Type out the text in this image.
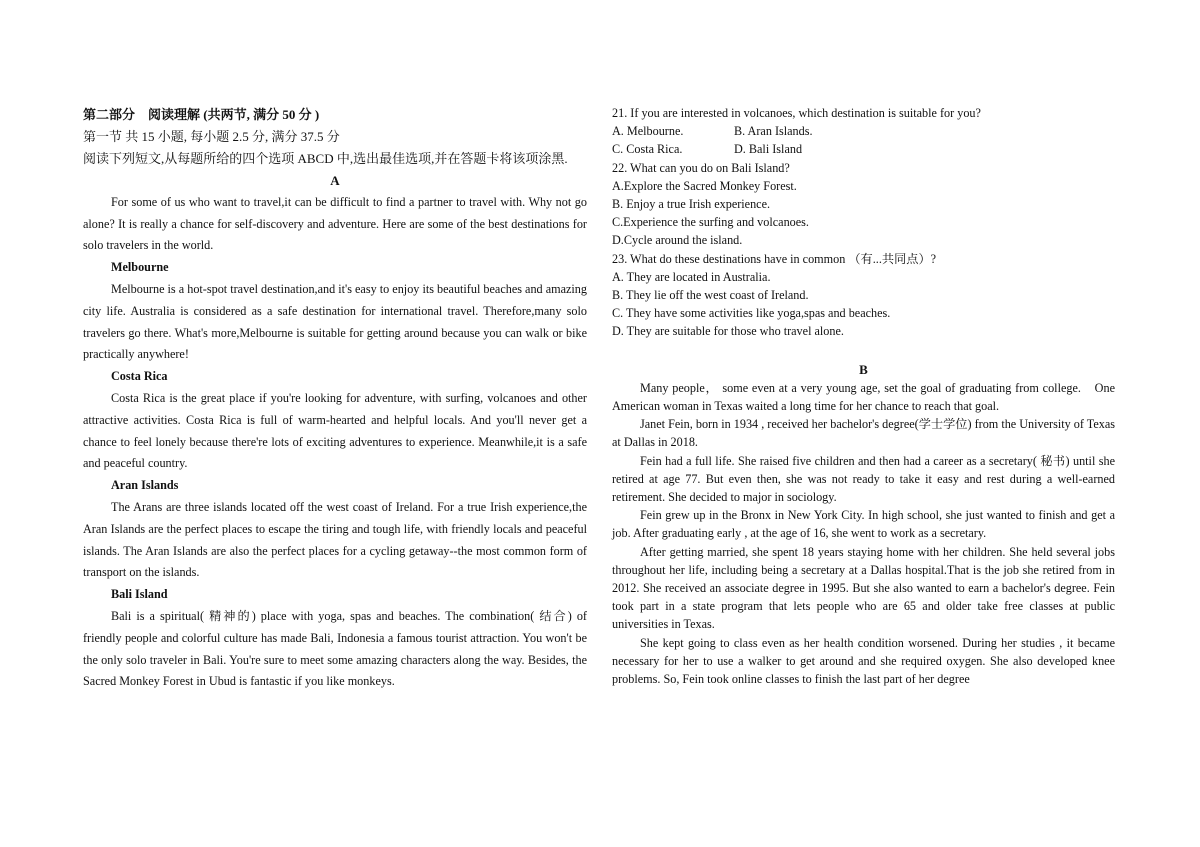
第二部分　阅读理解 (共两节, 满分 50 分 )
第一节 共 15 小题, 每小题 2.5 分, 满分 37.5 分
阅读下列短文,从每题所给的四个选项 ABCD 中,选出最佳选项,并在答题卡将该项涂黑.
A

For some of us who want to travel,it can be difficult to find a partner to travel with. Why not go alone? It is really a chance for self-discovery and adventure. Here are some of the best destinations for solo travelers in the world.

Melbourne

Melbourne is a hot-spot travel destination,and it's easy to enjoy its beautiful beaches and amazing city life. Australia is considered as a safe destination for international travel. Therefore,many solo travelers go there. What's more,Melbourne is suitable for getting around because you can walk or bike practically anywhere!

Costa Rica

Costa Rica is the great place if you're looking for adventure, with surfing, volcanoes and other attractive activities. Costa Rica is full of warm-hearted and helpful locals. And you'll never get a chance to feel lonely because there're lots of exciting adventures to experience. Meanwhile,it is a safe and peaceful country.

Aran Islands

The Arans are three islands located off the west coast of Ireland. For a true Irish experience,the Aran Islands are the perfect places to escape the tiring and tough life, with friendly locals and peaceful islands. The Aran Islands are also the perfect places for a cycling getaway--the most common form of transport on the islands.

Bali Island

Bali is a spiritual( 精神的) place with yoga, spas and beaches. The combination( 结合) of friendly people and colorful culture has made Bali, Indonesia a famous tourist attraction. You won't be the only solo traveler in Bali. You're sure to meet some amazing characters along the way. Besides, the Sacred Monkey Forest in Ubud is fantastic if you like monkeys.

21. If you are interested in volcanoes, which destination is suitable for you?
A. Melbourne.	B. Aran Islands.
C. Costa Rica.	D. Bali Island
22. What can you do on Bali Island?
A.Explore the Sacred Monkey Forest.
B. Enjoy a true Irish experience.
C.Experience the surfing and volcanoes.
D.Cycle around the island.
23. What do these destinations have in common （有...共同点）?
A. They are located in Australia.
B. They lie off the west coast of Ireland.
C. They have some activities like yoga,spas and beaches.
D. They are suitable for those who travel alone.
B

Many people， some even at a very young age, set the goal of graduating from college.　One American woman in Texas waited a long time for her chance to reach that goal.

Janet Fein, born in 1934 , received her bachelor's degree(学士学位) from the University of Texas at Dallas in 2018.

Fein had a full life. She raised five children and then had a career as a secretary( 秘书) until she retired at age 77. But even then, she was not ready to take it easy and rest during a well-earned retirement. She decided to major in sociology.

Fein grew up in the Bronx in New York City. In high school, she just wanted to finish and get a job. After graduating early , at the age of 16, she went to work as a secretary.

After getting married, she spent 18 years staying home with her children. She held several jobs throughout her life, including being a secretary at a Dallas hospital.That is the job she retired from in 2012. She received an associate degree in 1995. But she also wanted to earn a bachelor's degree. Fein took part in a state program that lets people who are 65 and older take free classes at public universities in Texas.

She kept going to class even as her health condition worsened. During her studies , it became necessary for her to use a walker to get around and she required oxygen. She also developed knee problems. So, Fein took online classes to finish the last part of her degree
